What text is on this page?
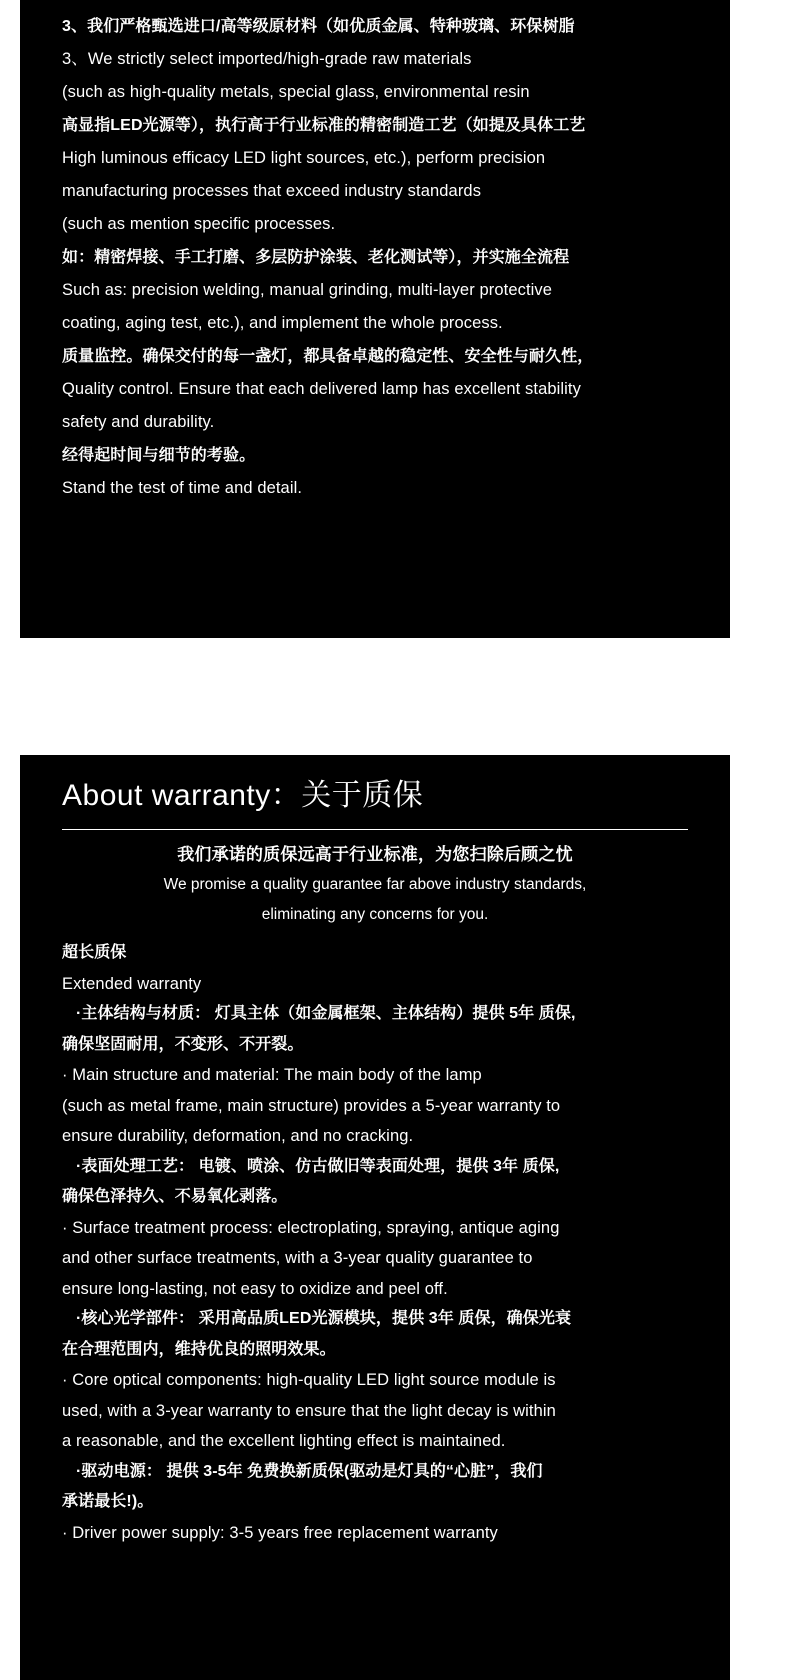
3、我们严格甄选进口/高等级原材料（如优质金属、特种玻璃、环保树脂
3、We strictly select imported/high-grade raw materials
(such as high-quality metals, special glass, environmental resin
高显指LED光源等），执行高于行业标准的精密制造工艺（如提及具体工艺
High luminous efficacy LED light sources, etc.), perform precision
manufacturing processes that exceed industry standards
(such as mention specific processes.
如：精密焊接、手工打磨、多层防护涂装、老化测试等），并实施全流程
Such as: precision welding, manual grinding, multi-layer protective
coating, aging test, etc.), and implement the whole process.
质量监控。确保交付的每一盏灯，都具备卓越的稳定性、安全性与耐久性，
Quality control. Ensure that each delivered lamp has excellent stability
safety and durability.
经得起时间与细节的考验。
Stand the test of time and detail.
About warranty：关于质保
我们承诺的质保远高于行业标准，为您扫除后顾之忧
We promise a quality guarantee far above industry standards,
eliminating any concerns for you.
超长质保
Extended warranty
·主体结构与材质： 灯具主体（如金属框架、主体结构）提供 5年 质保,
确保坚固耐用，不变形、不开裂。
· Main structure and material: The main body of the lamp
(such as metal frame, main structure) provides a 5-year warranty to
ensure durability, deformation, and no cracking.
·表面处理工艺： 电镀、喷涂、仿古做旧等表面处理，提供 3年 质保,
确保色泽持久、不易氧化剥落。
· Surface treatment process: electroplating, spraying, antique aging
and other surface treatments, with a 3-year quality guarantee to
ensure long-lasting, not easy to oxidize and peel off.
·核心光学部件： 采用高品质LED光源模块，提供 3年 质保，确保光衰
在合理范围内，维持优良的照明效果。
· Core optical components: high-quality LED light source module is
used, with a 3-year warranty to ensure that the light decay is within
a reasonable, and the excellent lighting effect is maintained.
·驱动电源： 提供 3-5年 免费换新质保(驱动是灯具的“心脏”，我们
承诺最长!)。
· Driver power supply: 3-5 years free replacement warranty
